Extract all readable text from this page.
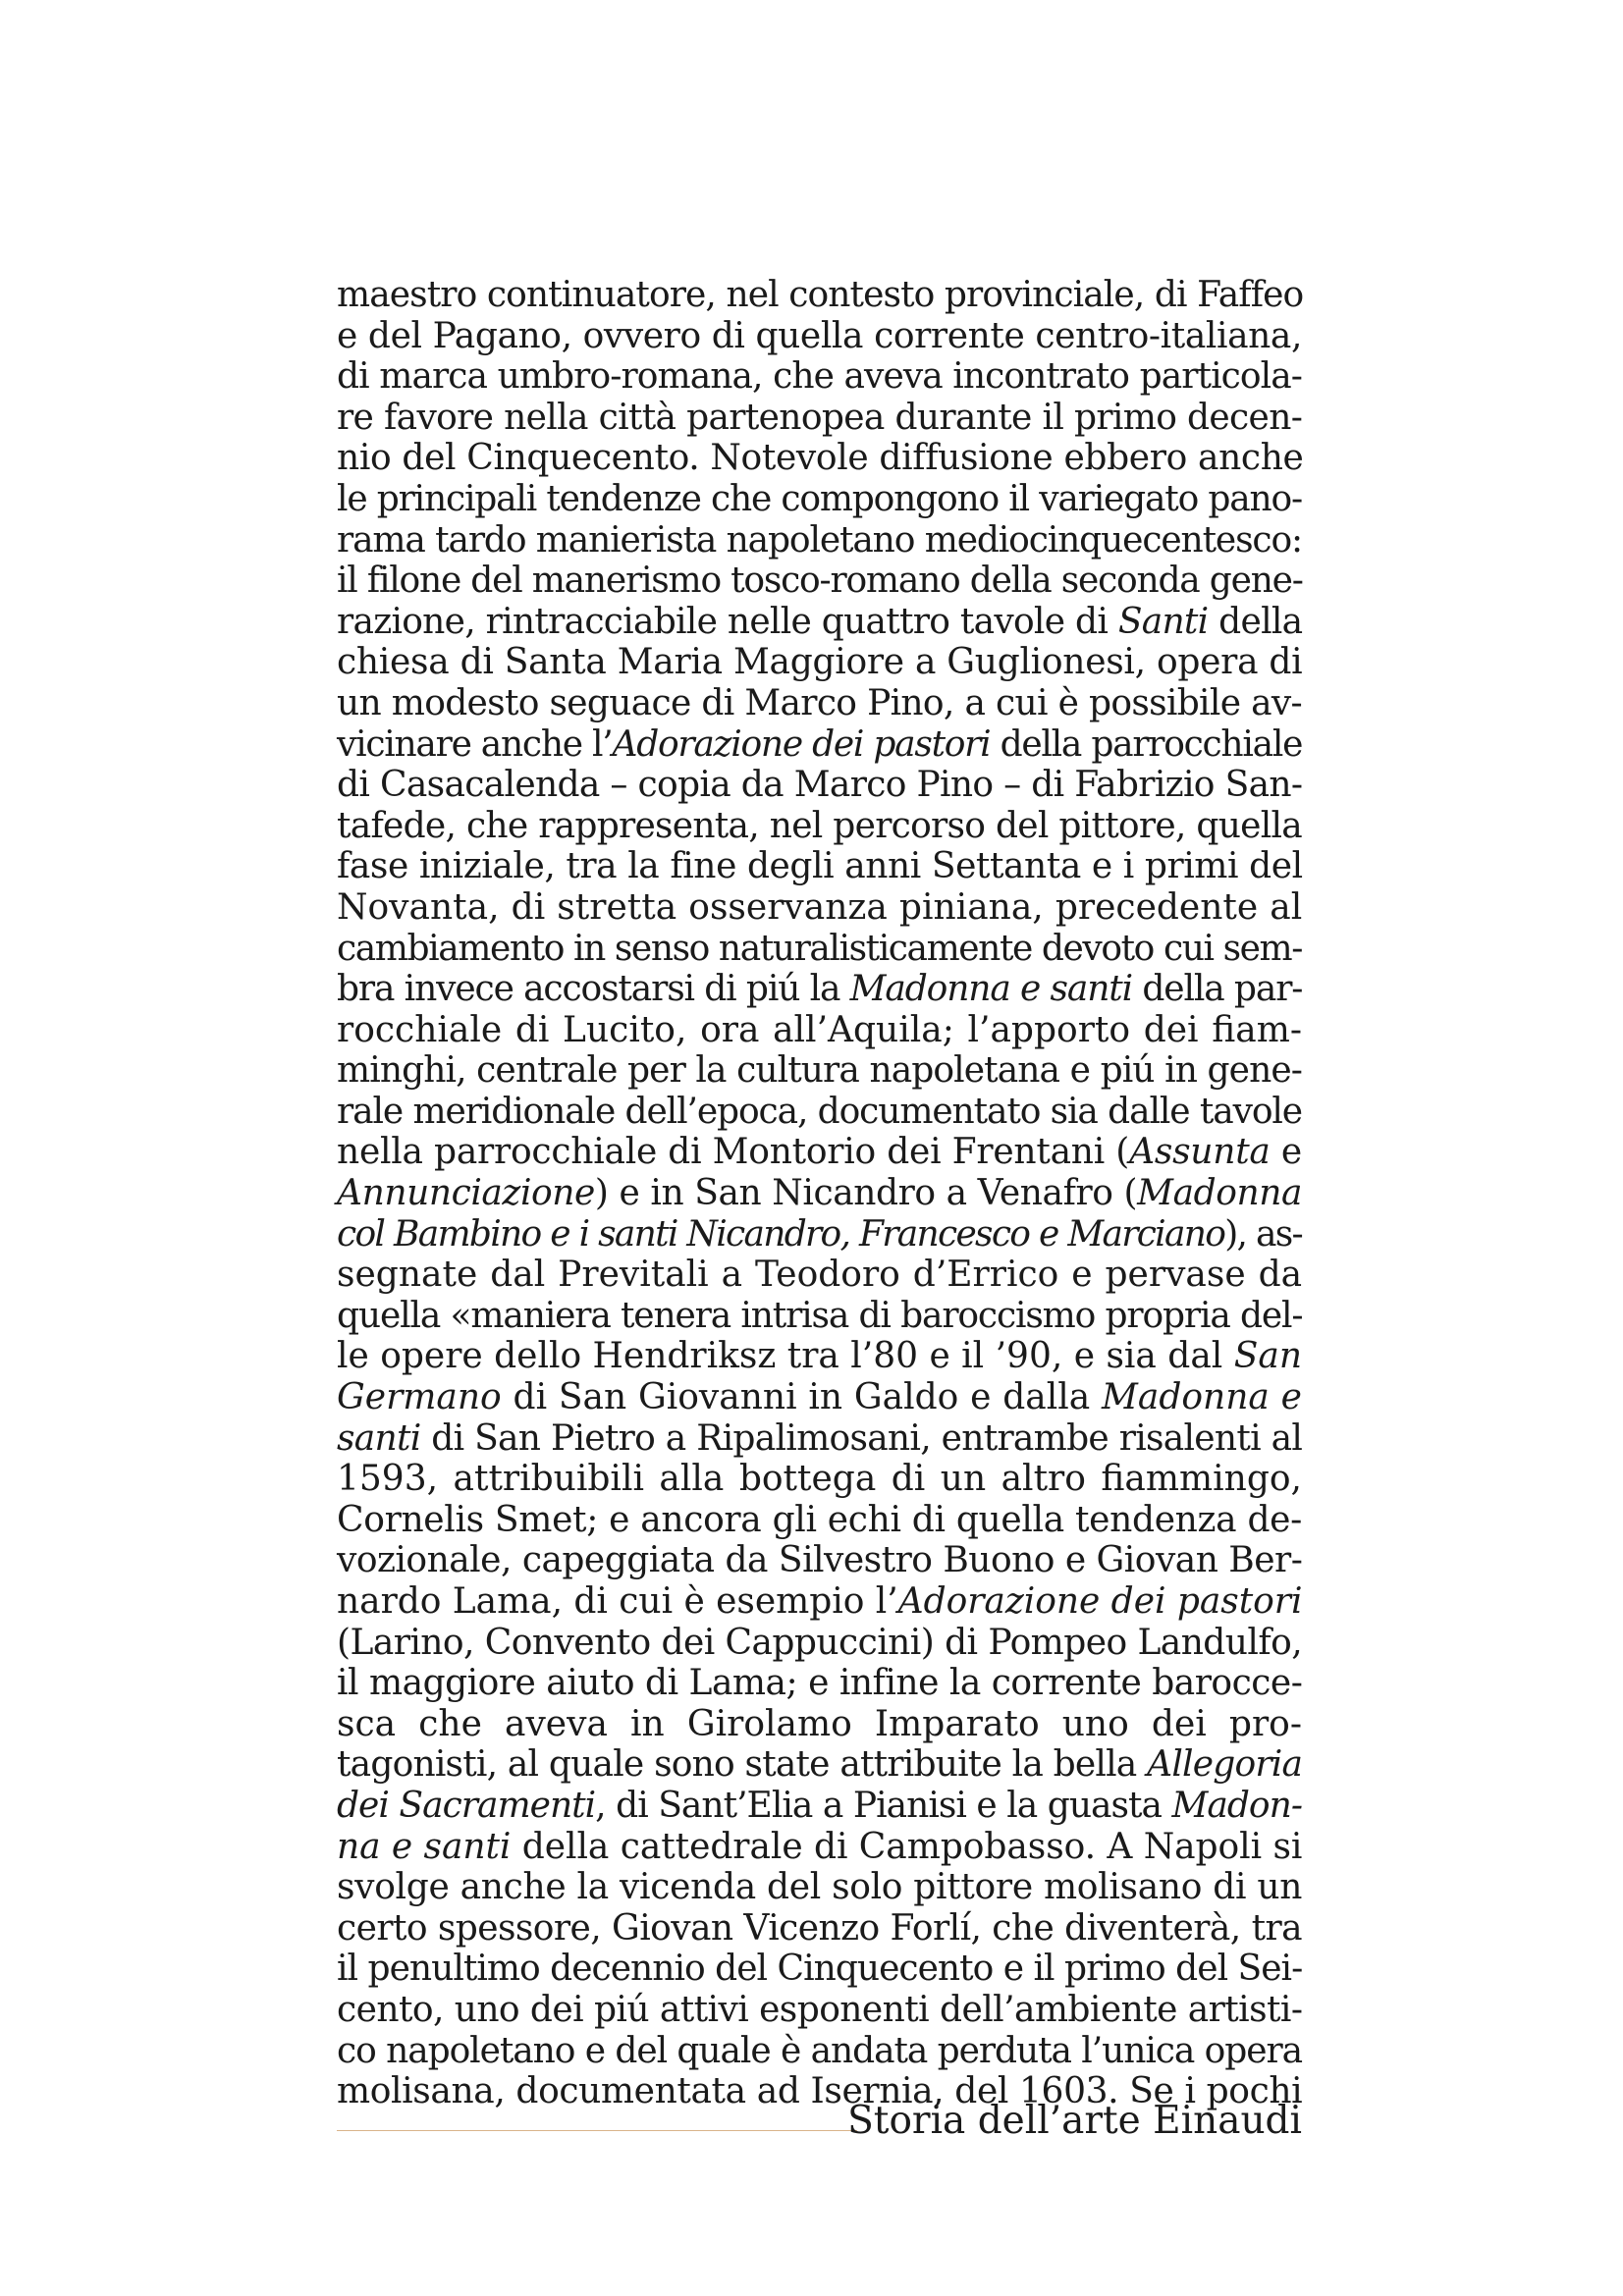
maestro continuatore, nel contesto provinciale, di Faffeo
e del Pagano, ovvero di quella corrente centro-italiana,
di marca umbro-romana, che aveva incontrato particola-
re favore nella città partenopea durante il primo decen-
nio del Cinquecento. Notevole diffusione ebbero anche
le principali tendenze che compongono il variegato pano-
rama tardo manierista napoletano mediocinquecentesco:
il filone del manerismo tosco-romano della seconda gene-
razione, rintracciabile nelle quattro tavole di Santi della
chiesa di Santa Maria Maggiore a Guglionesi, opera di
un modesto seguace di Marco Pino, a cui è possibile av-
vicinare anche l’Adorazione dei pastori della parrocchiale
di Casacalenda – copia da Marco Pino – di Fabrizio San-
tafede, che rappresenta, nel percorso del pittore, quella
fase iniziale, tra la fine degli anni Settanta e i primi del
Novanta, di stretta osservanza piniana, precedente al
cambiamento in senso naturalisticamente devoto cui sem-
bra invece accostarsi di piú la Madonna e santi della par-
rocchiale di Lucito, ora all’Aquila; l’apporto dei fiam-
minghi, centrale per la cultura napoletana e piú in gene-
rale meridionale dell’epoca, documentato sia dalle tavole
nella parrocchiale di Montorio dei Frentani (Assunta e
Annunciazione) e in San Nicandro a Venafro (Madonna
col Bambino e i santi Nicandro, Francesco e Marciano), as-
segnate dal Previtali a Teodoro d’Errico e pervase da
quella «maniera tenera intrisa di baroccismo propria del-
le opere dello Hendriksz tra l’80 e il ’90, e sia dal San
Germano di San Giovanni in Galdo e dalla Madonna e
santi di San Pietro a Ripalimosani, entrambe risalenti al
1593, attribuibili alla bottega di un altro fiammingo,
Cornelis Smet; e ancora gli echi di quella tendenza de-
vozionale, capeggiata da Silvestro Buono e Giovan Ber-
nardo Lama, di cui è esempio l’Adorazione dei pastori
(Larino, Convento dei Cappuccini) di Pompeo Landulfo,
il maggiore aiuto di Lama; e infine la corrente barocce-
sca che aveva in Girolamo Imparato uno dei pro-
tagonisti, al quale sono state attribuite la bella Allegoria
dei Sacramenti, di Sant’Elia a Pianisi e la guasta Madon-
na e santi della cattedrale di Campobasso. A Napoli si
svolge anche la vicenda del solo pittore molisano di un
certo spessore, Giovan Vicenzo Forlí, che diventerà, tra
il penultimo decennio del Cinquecento e il primo del Sei-
cento, uno dei piú attivi esponenti dell’ambiente artisti-
co napoletano e del quale è andata perduta l’unica opera
molisana, documentata ad Isernia, del 1603. Se i pochi
Storia dell’arte Einaudi
